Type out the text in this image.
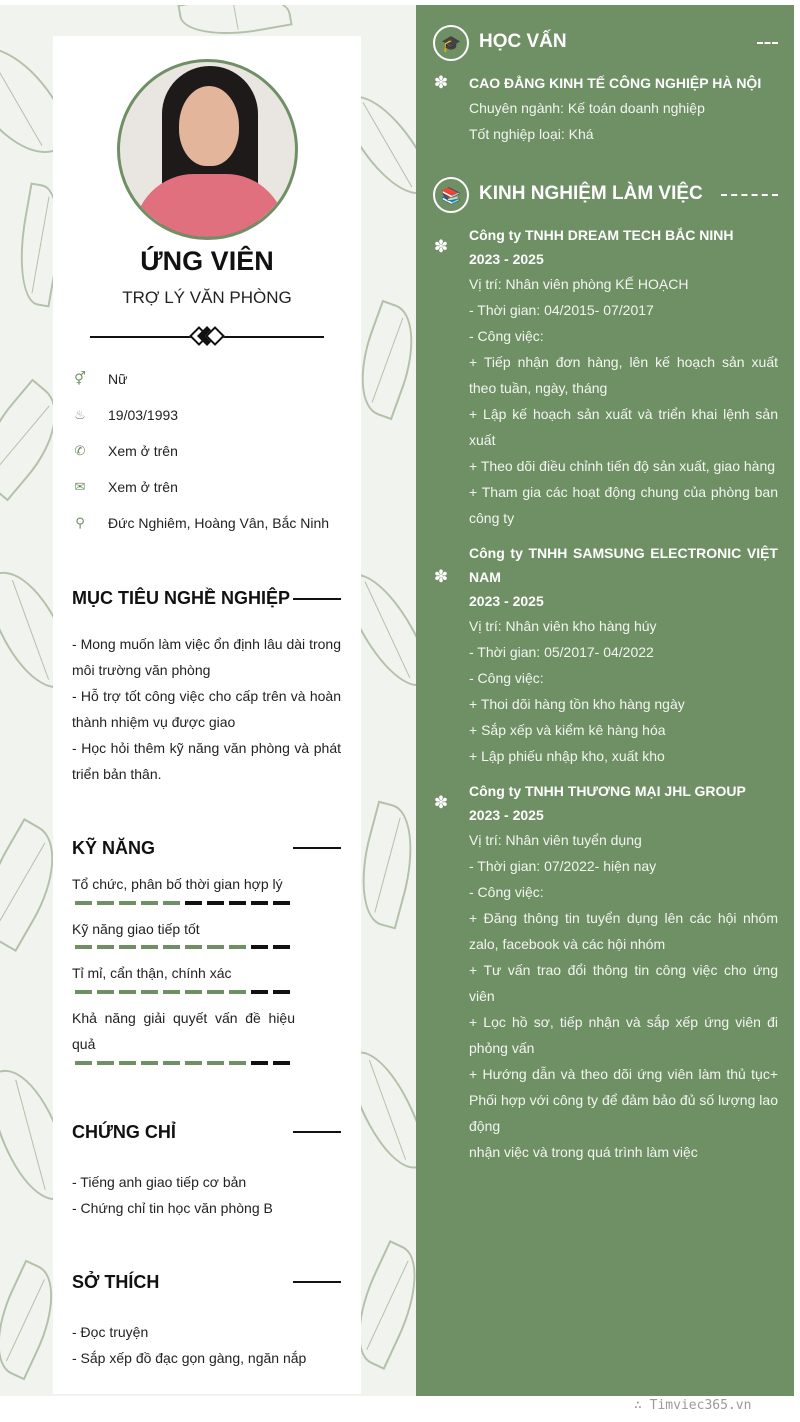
ỨNG VIÊN
TRỢ LÝ VĂN PHÒNG
⚥ Nữ
♨ 19/03/1993
✆ Xem ở trên
✉ Xem ở trên
⚲ Đức Nghiêm, Hoàng Vân, Bắc Ninh
MỤC TIÊU NGHỀ NGHIỆP
- Mong muốn làm việc ổn định lâu dài trong môi trường văn phòng
- Hỗ trợ tốt công việc cho cấp trên và hoàn thành nhiệm vụ được giao
- Học hỏi thêm kỹ năng văn phòng và phát triển bản thân.
KỸ NĂNG
Tổ chức, phân bố thời gian hợp lý
Kỹ năng giao tiếp tốt
Tỉ mỉ, cẩn thận, chính xác
Khả năng giải quyết vấn đề hiệu quả
CHỨNG CHỈ
- Tiếng anh giao tiếp cơ bản
- Chứng chỉ tin học văn phòng B
SỞ THÍCH
- Đọc truyện
- Sắp xếp đồ đạc gọn gàng, ngăn nắp
🎓 HỌC VẤN
✽ CAO ĐẲNG KINH TẾ CÔNG NGHIỆP HÀ NỘI
Chuyên ngành: Kế toán doanh nghiệp
Tốt nghiệp loại: Khá
📚 KINH NGHIỆM LÀM VIỆC
✽
Công ty TNHH DREAM TECH BẮC NINH
2023 - 2025
Vị trí: Nhân viên phòng KẾ HOẠCH
- Thời gian: 04/2015- 07/2017
- Công việc:
+ Tiếp nhận đơn hàng, lên kế hoạch sản xuất theo tuần, ngày, tháng
+ Lập kế hoạch sản xuất và triển khai lệnh sản xuất
+ Theo dõi điều chỉnh tiến độ sản xuất, giao hàng
+ Tham gia các hoạt động chung của phòng ban công ty
✽
Công ty TNHH SAMSUNG ELECTRONIC VIỆT NAM
2023 - 2025
Vị trí: Nhân viên kho hàng húy
- Thời gian: 05/2017- 04/2022
- Công việc:
+ Thoi dõi hàng tồn kho hàng ngày
+ Sắp xếp và kiểm kê hàng hóa
+ Lập phiếu nhập kho, xuất kho
✽
Công ty TNHH THƯƠNG MẠI JHL GROUP
2023 - 2025
Vị trí: Nhân viên tuyển dụng
- Thời gian: 07/2022- hiện nay
- Công việc:
+ Đăng thông tin tuyển dụng lên các hội nhóm zalo, facebook và các hội nhóm
+ Tư vấn trao đổi thông tin công việc cho ứng viên
+ Lọc hồ sơ, tiếp nhận và sắp xếp ứng viên đi phỏng vấn
+ Hướng dẫn và theo dõi ứng viên làm thủ tục+ Phối hợp với công ty để đảm bảo đủ số lượng lao động
nhận việc và trong quá trình làm việc
∴ Timviec365.vn
